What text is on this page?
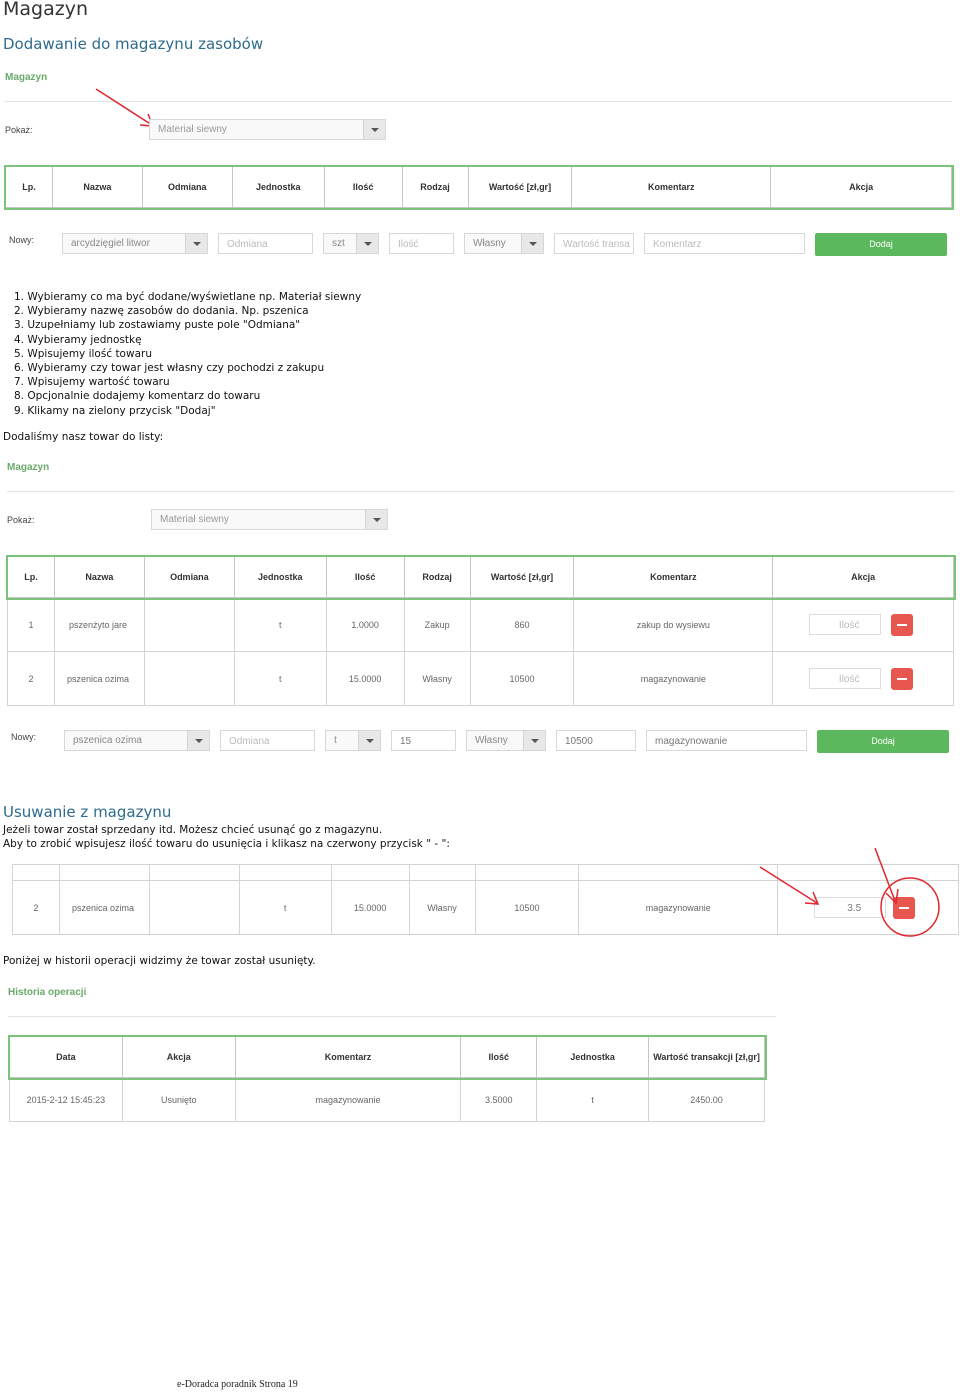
Magazyn
Dodawanie do magazynu zasobów
Magazyn
Pokaż:	Materiał siewny
Lp.	Nazwa	Odmiana	Jednostka	Ilość	Rodzaj	Wartość [zł,gr]	Komentarz	Akcja
Nowy:	arcydzięgiel litwor	Odmiana	szt	Ilość	Własny	Wartość transa	Komentarz	Dodaj
1. Wybieramy co ma być dodane/wyświetlane np. Materiał siewny
2. Wybieramy nazwę zasobów do dodania. Np. pszenica
3. Uzupełniamy lub zostawiamy puste pole "Odmiana"
4. Wybieramy jednostkę
5. Wpisujemy ilość towaru
6. Wybieramy czy towar jest własny czy pochodzi z zakupu
7. Wpisujemy wartość towaru
8. Opcjonalnie dodajemy komentarz do towaru
9. Klikamy na zielony przycisk "Dodaj"
Dodaliśmy nasz towar do listy:
Magazyn
Pokaż:	Materiał siewny
Lp.	Nazwa	Odmiana	Jednostka	Ilość	Rodzaj	Wartość [zł,gr]	Komentarz	Akcja
1	pszenżyto jare		t	1.0000	Zakup	860	zakup do wysiewu	Ilość

2	pszenica ozima		t	15.0000	Własny	10500	magazynowanie	Ilość
Nowy:	pszenica ozima	Odmiana	t	15	Własny	10500	magazynowanie	Dodaj
Usuwanie z magazynu
Jeżeli towar został sprzedany itd. Możesz chcieć usunąć go z magazynu.
Aby to zrobić wpisujesz ilość towaru do usunięcia i klikasz na czerwony przycisk " - ":

2	pszenica ozima		t	15.0000	Własny	10500	magazynowanie	3.5
Poniżej w historii operacji widzimy że towar został usunięty.
Historia operacji
Data	Akcja	Komentarz	Ilość	Jednostka	Wartość transakcji [zł,gr]
2015-2-12 15:45:23	Usunięto	magazynowanie	3.5000	t	2450.00
e-Doradca poradnik Strona 19
